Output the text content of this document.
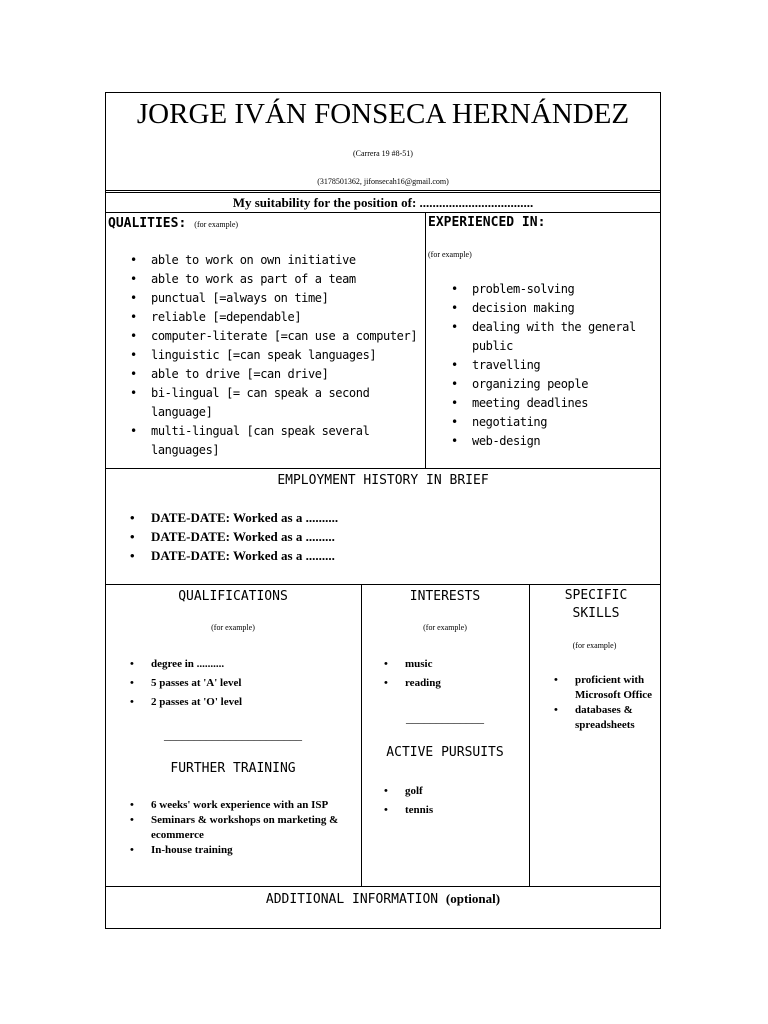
JORGE IVÁN FONSECA HERNÁNDEZ
(Carrera 19 #8-51)
(3178501362, jifonsecah16@gmail.com)
My suitability for the position of: ...................................
QUALITIES: (for example)
• able to work on own initiative
• able to work as part of a team
• punctual [=always on time]
• reliable [=dependable]
• computer-literate [=can use a computer]
• linguistic [=can speak languages]
• able to drive [=can drive]
• bi-lingual [= can speak a second language]
• multi-lingual [can speak several languages]
EXPERIENCED IN:
(for example)
• problem-solving
• decision making
• dealing with the general public
• travelling
• organizing people
• meeting deadlines
• negotiating
• web-design
EMPLOYMENT HISTORY IN BRIEF
• DATE-DATE: Worked as a ..........
• DATE-DATE: Worked as a .........
• DATE-DATE: Worked as a .........
QUALIFICATIONS
(for example)
• degree in ..........
• 5 passes at 'A' level
• 2 passes at 'O' level
_______________________
FURTHER TRAINING
• 6 weeks' work experience with an ISP
• Seminars & workshops on marketing & ecommerce
• In-house training
INTERESTS
(for example)
• music
• reading
_____________
ACTIVE PURSUITS
• golf
• tennis
SPECIFIC SKILLS
(for example)
• proficient with Microsoft Office
• databases & spreadsheets
ADDITIONAL INFORMATION (optional)
